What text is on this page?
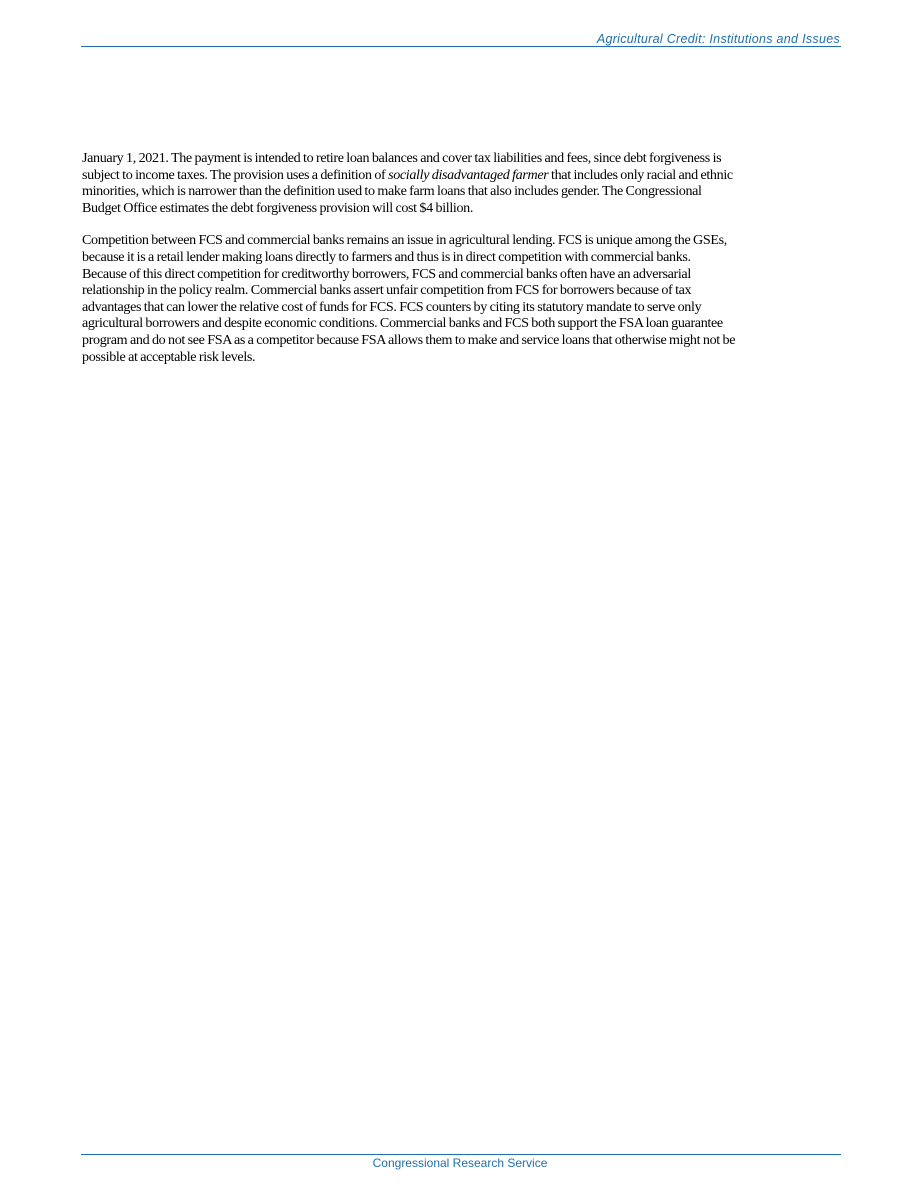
Agricultural Credit: Institutions and Issues

January 1, 2021. The payment is intended to retire loan balances and cover tax liabilities and fees, since debt forgiveness is
subject to income taxes. The provision uses a definition of socially disadvantaged farmer that includes only racial and ethnic
minorities, which is narrower than the definition used to make farm loans that also includes gender. The Congressional
Budget Office estimates the debt forgiveness provision will cost $4 billion.

Competition between FCS and commercial banks remains an issue in agricultural lending. FCS is unique among the GSEs,
because it is a retail lender making loans directly to farmers and thus is in direct competition with commercial banks.
Because of this direct competition for creditworthy borrowers, FCS and commercial banks often have an adversarial
relationship in the policy realm. Commercial banks assert unfair competition from FCS for borrowers because of tax
advantages that can lower the relative cost of funds for FCS. FCS counters by citing its statutory mandate to serve only
agricultural borrowers and despite economic conditions. Commercial banks and FCS both support the FSA loan guarantee
program and do not see FSA as a competitor because FSA allows them to make and service loans that otherwise might not be
possible at acceptable risk levels.

Congressional Research Service
